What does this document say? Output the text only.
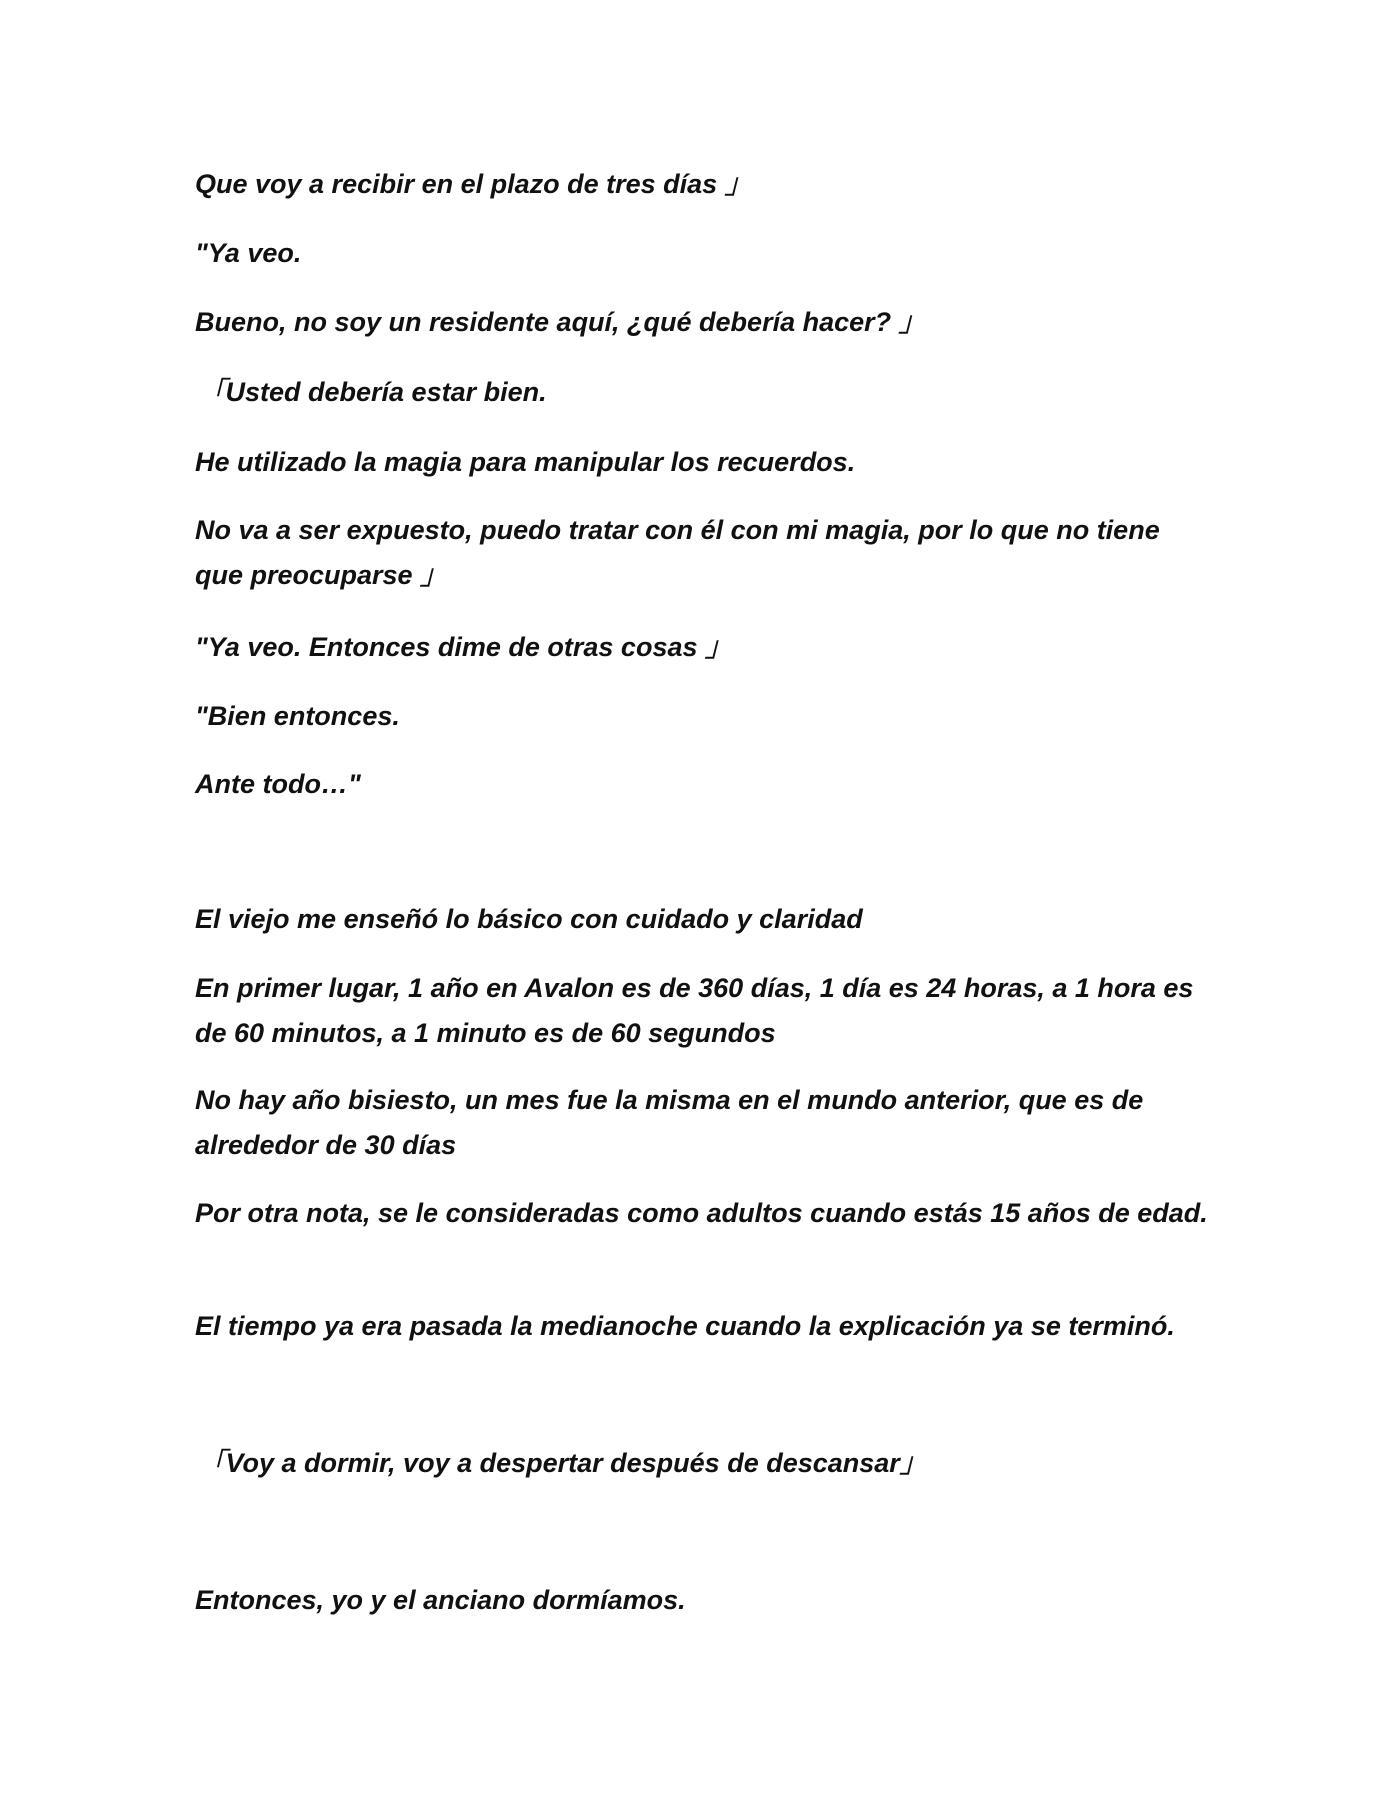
Que voy a recibir en el plazo de tres días ｣

"Ya veo.

Bueno, no soy un residente aquí, ¿qué debería hacer? ｣

｢Usted debería estar bien.

He utilizado la magia para manipular los recuerdos.

No va a ser expuesto, puedo tratar con él con mi magia, por lo que no tiene que preocuparse ｣

"Ya veo. Entonces dime de otras cosas ｣

"Bien entonces.

Ante todo…"

El viejo me enseñó lo básico con cuidado y claridad

En primer lugar, 1 año en Avalon es de 360 días, 1 día es 24 horas, a 1 hora es de 60 minutos, a 1 minuto es de 60 segundos

No hay año bisiesto, un mes fue la misma en el mundo anterior, que es de alrededor de 30 días

Por otra nota, se le consideradas como adultos cuando estás 15 años de edad.

El tiempo ya era pasada la medianoche cuando la explicación ya se terminó.

｢Voy a dormir, voy a despertar después de descansar｣

Entonces, yo y el anciano dormíamos.
